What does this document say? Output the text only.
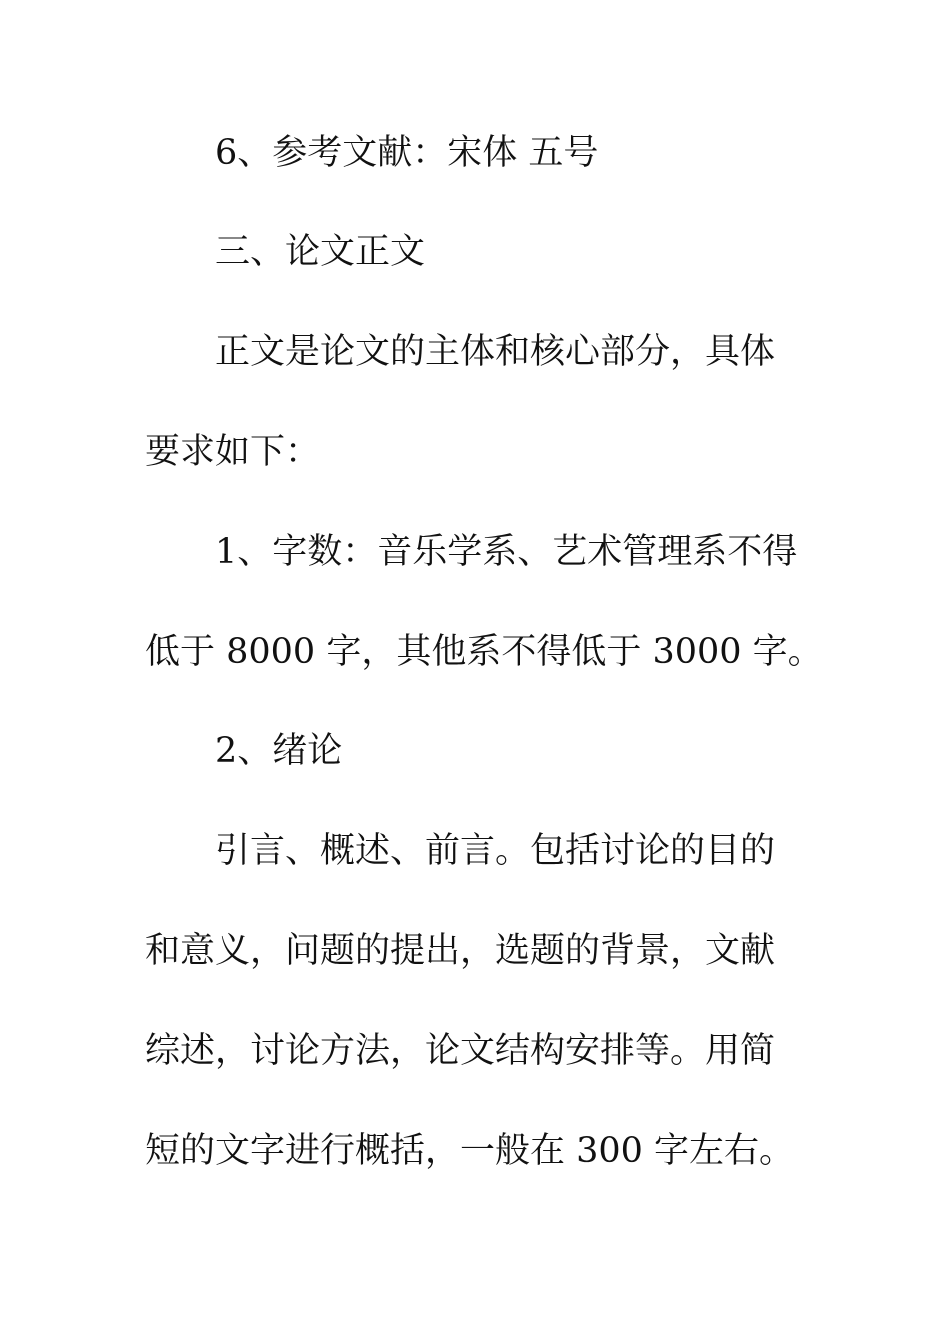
6、参考文献：宋体 五号
三、论文正文
正文是论文的主体和核心部分，具体
要求如下：
1、字数：音乐学系、艺术管理系不得
低于 8000 字，其他系不得低于 3000 字。
2、绪论
引言、概述、前言。包括讨论的目的
和意义，问题的提出，选题的背景，文献
综述，讨论方法，论文结构安排等。用简
短的文字进行概括，一般在 300 字左右。
